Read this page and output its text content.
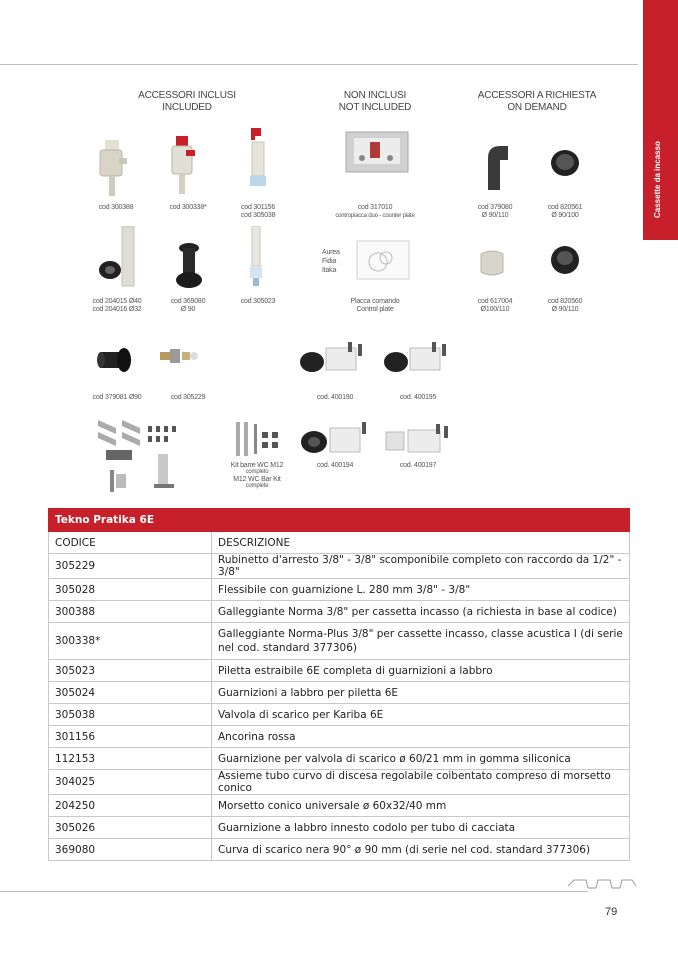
Cassette da incasso
ACCESSORI INCLUSI
INCLUDED
NON INCLUSI
NOT INCLUDED
ACCESSORI A RICHIESTA
ON DEMAND
cod 300388	cod 300338*	cod 301156
cod 305038
cod 317010
contropiacca duo - counter plate
cod 379080
Ø 90/110
cod 820561
Ø 90/100
Aurea
Fidia
Itaka
cod 204015 Ø40
cod 204016 Ø32
cod 369080
Ø 90
cod 305023	Placca comando
Control plate
cod 617004
Ø100/110
cod 820560
Ø 90/110
cod 379081 Ø90	cod 305229	cod. 400190	cod. 400195
Kit barre WC M12
completo
M12 WC Bar Kit
complete
cod. 400194	cod. 400197
Tekno Pratika 6E	
CODICE	DESCRIZIONE
305229	Rubinetto d'arresto 3/8" - 3/8" scomponibile completo con raccordo da 1/2" - 3/8"
305028	Flessibile con guarnizione L. 280 mm 3/8" - 3/8"
300388	Galleggiante Norma 3/8" per cassetta incasso (a richiesta in base al codice)
300338*	Galleggiante Norma-Plus 3/8" per cassette incasso, classe acustica I (di serie nel cod. standard 377306)
305023	Piletta estraibile 6E completa di guarnizioni a labbro
305024	Guarnizioni a labbro per piletta 6E
305038	Valvola di scarico per Kariba 6E
301156	Ancorina rossa
112153	Guarnizione per valvola di scarico ø 60/21 mm in gomma siliconica
304025	Assieme tubo curvo di discesa regolabile coibentato compreso di morsetto conico
204250	Morsetto conico universale ø 60x32/40 mm
305026	Guarnizione a labbro innesto codolo per tubo di cacciata
369080	Curva di scarico nera 90° ø 90 mm (di serie nel cod. standard 377306)
79
